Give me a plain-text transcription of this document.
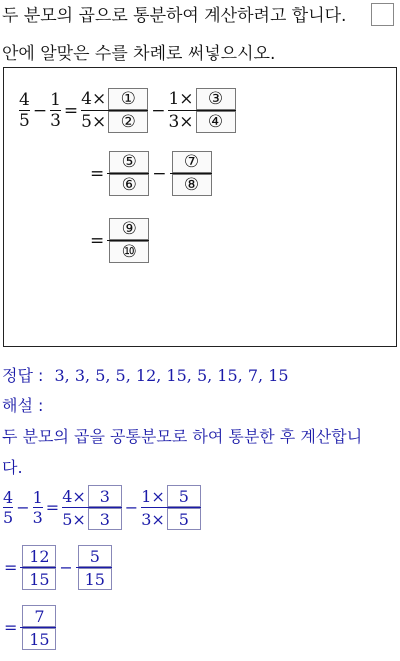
두 분모의 곱으로 통분하여 계산하려고 합니다.
안에 알맞은 수를 차례로 써넣으시오.
$\frac{4}{5} - \frac{1}{3} = \frac{\text{4× ①}}{\text{5× ②}} - \frac{\text{1× ③}}{\text{3× ④}}$
= $\frac{\text{⑤}}{\text{⑥}} - \frac{\text{⑦}}{\text{⑧}}$
= $\frac{\text{⑨}}{\text{⑩}}$
정답 : 3, 3, 5, 5, 12, 15, 5, 15, 7, 15
해설 :
두 분모의 곱을 공통분모로 하여 통분한 후 계산합니
다.
$\frac{4}{5} - \frac{1}{3} = \frac{4\times 3}{5\times 3} - \frac{1\times 5}{3\times 5}$
= $\frac{12}{15} - \frac{5}{15}$
= $\frac{7}{15}$
